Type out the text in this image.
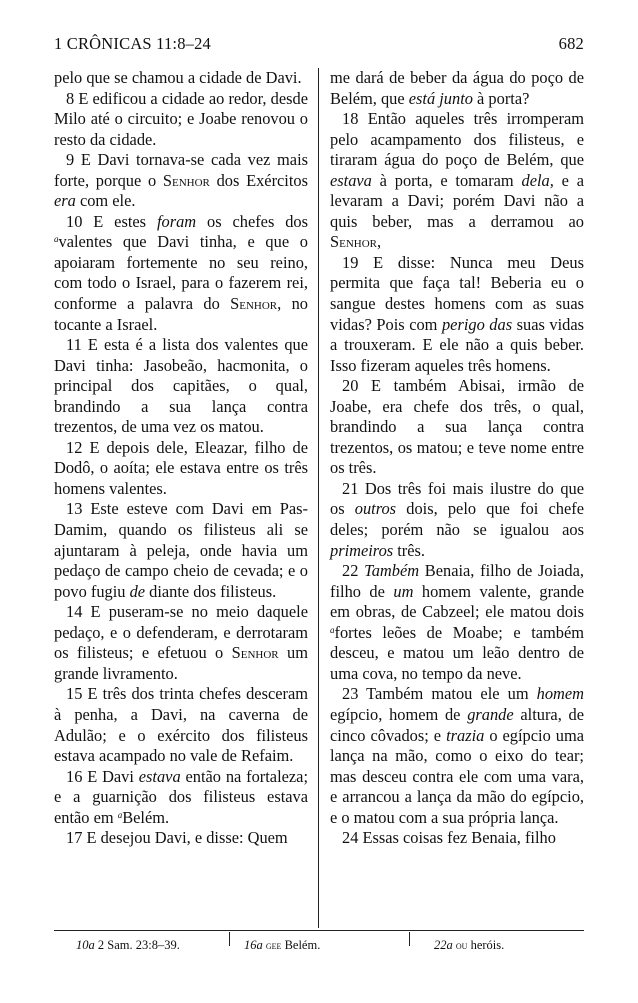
1 CRÔNICAS 11:8–24	682

pelo que se chamou a cidade de Davi.

8 E edificou a cidade ao redor, desde Milo até o circuito; e Joabe renovou o resto da cidade.

9 E Davi tornava-se cada vez mais forte, porque o Senhor dos Exércitos era com ele.

10 E estes foram os chefes dos $^a$valentes que Davi tinha, e que o apoiaram fortemente no seu reino, com todo o Israel, para o fazerem rei, conforme a palavra do Senhor, no tocante a Israel.

11 E esta é a lista dos valentes que Davi tinha: Jasobeão, hacmonita, o principal dos capitães, o qual, brandindo a sua lança contra trezentos, de uma vez os matou.

12 E depois dele, Eleazar, filho de Dodô, o aoíta; ele estava entre os três homens valentes.

13 Este esteve com Davi em Pas-Damim, quando os filisteus ali se ajuntaram à peleja, onde havia um pedaço de campo cheio de cevada; e o povo fugiu de diante dos filisteus.

14 E puseram-se no meio daquele pedaço, e o defenderam, e derrotaram os filisteus; e efetuou o Senhor um grande livramento.

15 E três dos trinta chefes desceram à penha, a Davi, na caverna de Adulão; e o exército dos filisteus estava acampado no vale de Refaim.

16 E Davi estava então na fortaleza; e a guarnição dos filisteus estava então em $^a$Belém.

17 E desejou Davi, e disse: Quem

me dará de beber da água do poço de Belém, que está junto à porta?

18 Então aqueles três irromperam pelo acampamento dos filisteus, e tiraram água do poço de Belém, que estava à porta, e tomaram dela, e a levaram a Davi; porém Davi não a quis beber, mas a derramou ao Senhor,

19 E disse: Nunca meu Deus permita que faça tal! Beberia eu o sangue destes homens com as suas vidas? Pois com perigo das suas vidas a trouxeram. E ele não a quis beber. Isso fizeram aqueles três homens.

20 E também Abisai, irmão de Joabe, era chefe dos três, o qual, brandindo a sua lança contra trezentos, os matou; e teve nome entre os três.

21 Dos três foi mais ilustre do que os outros dois, pelo que foi chefe deles; porém não se igualou aos primeiros três.

22 Também Benaia, filho de Joiada, filho de um homem valente, grande em obras, de Cabzeel; ele matou dois $^a$fortes leões de Moabe; e também desceu, e matou um leão dentro de uma cova, no tempo da neve.

23 Também matou ele um homem egípcio, homem de grande altura, de cinco côvados; e trazia o egípcio uma lança na mão, como o eixo do tear; mas desceu contra ele com uma vara, e arrancou a lança da mão do egípcio, e o matou com a sua própria lança.

24 Essas coisas fez Benaia, filho

10a 2 Sam. 23:8–39.	16a gee Belém.	22a ou heróis.
